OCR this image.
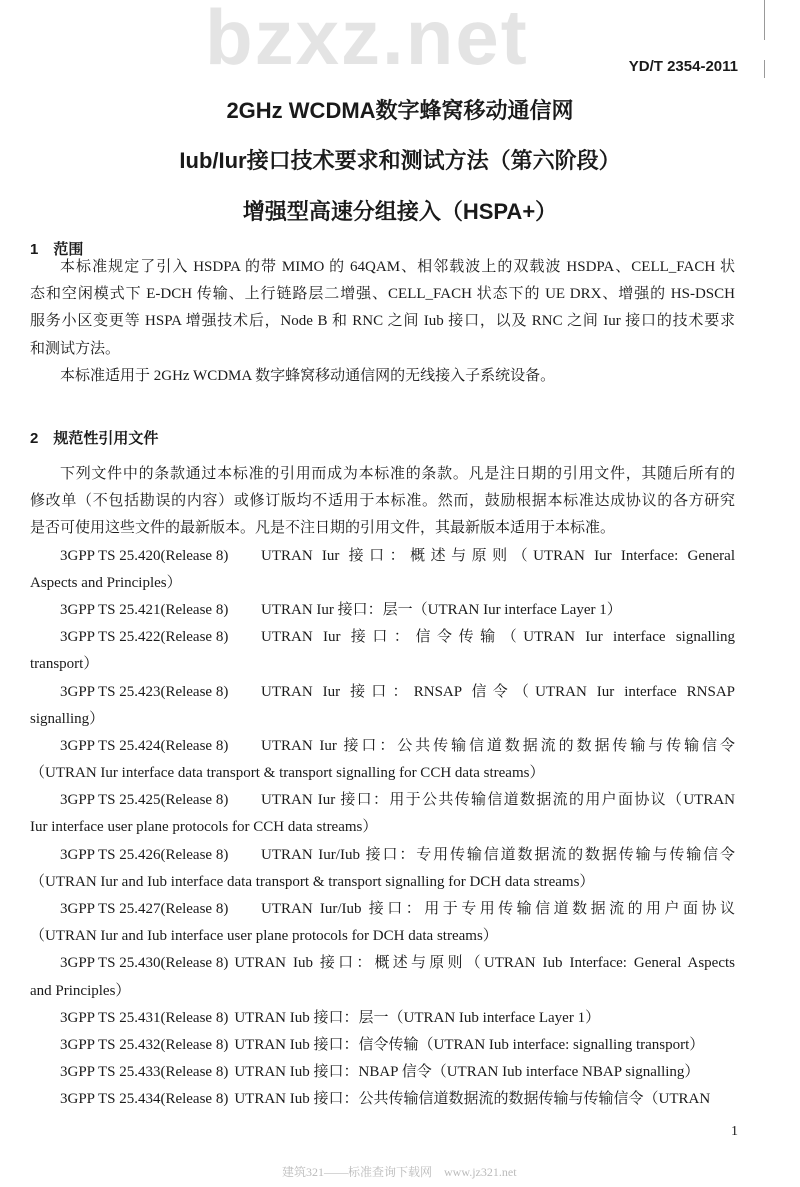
YD/T 2354-2011
bzxz.net
2GHz WCDMA数字蜂窝移动通信网
Iub/Iur接口技术要求和测试方法（第六阶段）
增强型高速分组接入（HSPA+）
1　范围
本标准规定了引入 HSDPA 的带 MIMO 的 64QAM、相邻载波上的双载波 HSDPA、CELL_FACH 状
态和空闲模式下 E-DCH 传输、上行链路层二增强、CELL_FACH 状态下的 UE DRX、增强的 HS-DSCH
服务小区变更等 HSPA 增强技术后，Node B 和 RNC 之间 Iub 接口，以及 RNC 之间 Iur 接口的技术要求
和测试方法。
本标准适用于 2GHz WCDMA 数字蜂窝移动通信网的无线接入子系统设备。
2　规范性引用文件
下列文件中的条款通过本标准的引用而成为本标准的条款。凡是注日期的引用文件，其随后所有的
修改单（不包括勘误的内容）或修订版均不适用于本标准。然而，鼓励根据本标准达成协议的各方研究
是否可使用这些文件的最新版本。凡是不注日期的引用文件，其最新版本适用于本标准。
3GPP TS 25.420(Release 8)	UTRAN Iur 接口：概述与原则（UTRAN Iur Interface: General
Aspects and Principles）
3GPP TS 25.421(Release 8)	UTRAN Iur 接口：层一（UTRAN Iur interface Layer 1）
3GPP TS 25.422(Release 8)	UTRAN Iur 接口：信令传输（UTRAN Iur interface signalling
transport）
3GPP TS 25.423(Release 8)	UTRAN Iur 接口：RNSAP 信令（UTRAN Iur interface RNSAP
signalling）
3GPP TS 25.424(Release 8)	UTRAN Iur 接口：公共传输信道数据流的数据传输与传输信令
（UTRAN Iur interface data transport & transport signalling for CCH data streams）
3GPP TS 25.425(Release 8)	UTRAN Iur 接口：用于公共传输信道数据流的用户面协议（UTRAN
Iur interface user plane protocols for CCH data streams）
3GPP TS 25.426(Release 8)	UTRAN Iur/Iub 接口：专用传输信道数据流的数据传输与传输信令
（UTRAN Iur and Iub interface data transport & transport signalling for DCH data streams）
3GPP TS 25.427(Release 8)	UTRAN Iur/Iub 接口：用于专用传输信道数据流的用户面协议
（UTRAN Iur and Iub interface user plane protocols for DCH data streams）
3GPP TS 25.430(Release 8) UTRAN Iub 接口：概述与原则（UTRAN Iub Interface: General Aspects
and Principles）
3GPP TS 25.431(Release 8) UTRAN Iub 接口：层一（UTRAN Iub interface Layer 1）
3GPP TS 25.432(Release 8) UTRAN Iub 接口：信令传输（UTRAN Iub interface: signalling transport）
3GPP TS 25.433(Release 8) UTRAN Iub 接口：NBAP 信令（UTRAN Iub interface NBAP signalling）
3GPP TS 25.434(Release 8) UTRAN Iub 接口：公共传输信道数据流的数据传输与传输信令（UTRAN
1
建筑321——标准查询下载网　www.jz321.net
